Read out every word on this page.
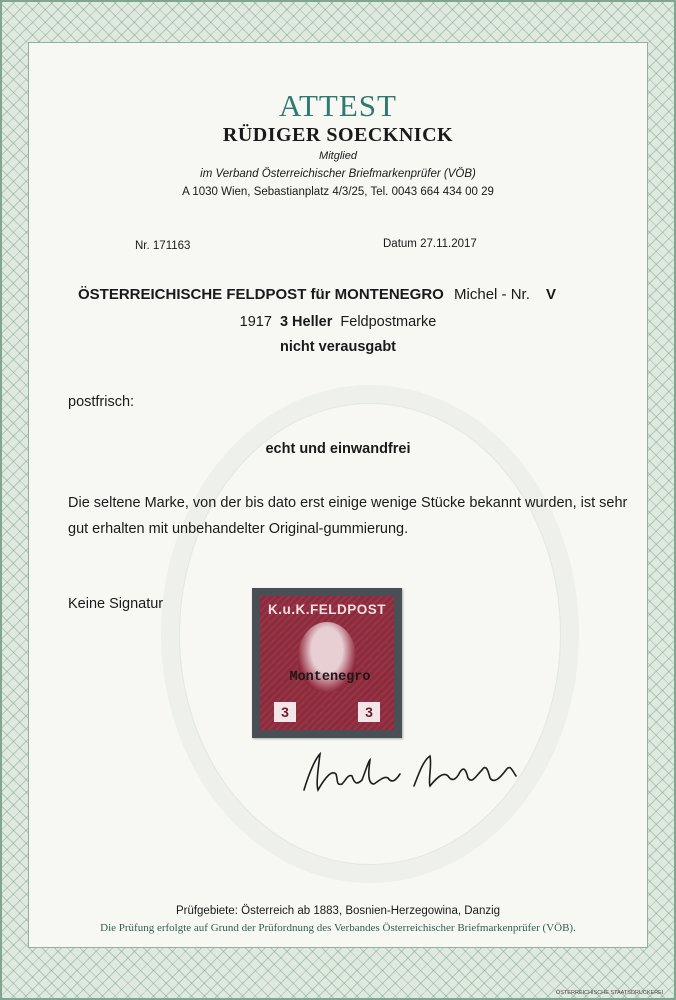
ATTEST
RÜDIGER SOECKNICK
Mitglied
im Verband Österreichischer Briefmarkenprüfer (VÖB)
A 1030 Wien, Sebastianplatz 4/3/25, Tel. 0043 664 434 00 29
Nr. 171163	Datum 27.11.2017
ÖSTERREICHISCHE FELDPOST für MONTENEGRO Michel - Nr. V
1917 3 Heller Feldpostmarke
nicht verausgabt
postfrisch:
echt und einwandfrei
Die seltene Marke, von der bis dato erst einige wenige Stücke bekannt wurden, ist sehr gut erhalten mit unbehandelter Original-gummierung.
Keine Signatur	K.u.K.FELDPOST
Montenegro
3	3
Prüfgebiete: Österreich ab 1883, Bosnien-Herzegowina, Danzig
Die Prüfung erfolgte auf Grund der Prüfordnung des Verbandes Österreichischer Briefmarkenprüfer (VÖB).
ÖSTERREICHISCHE STAATSDRUCKEREI
